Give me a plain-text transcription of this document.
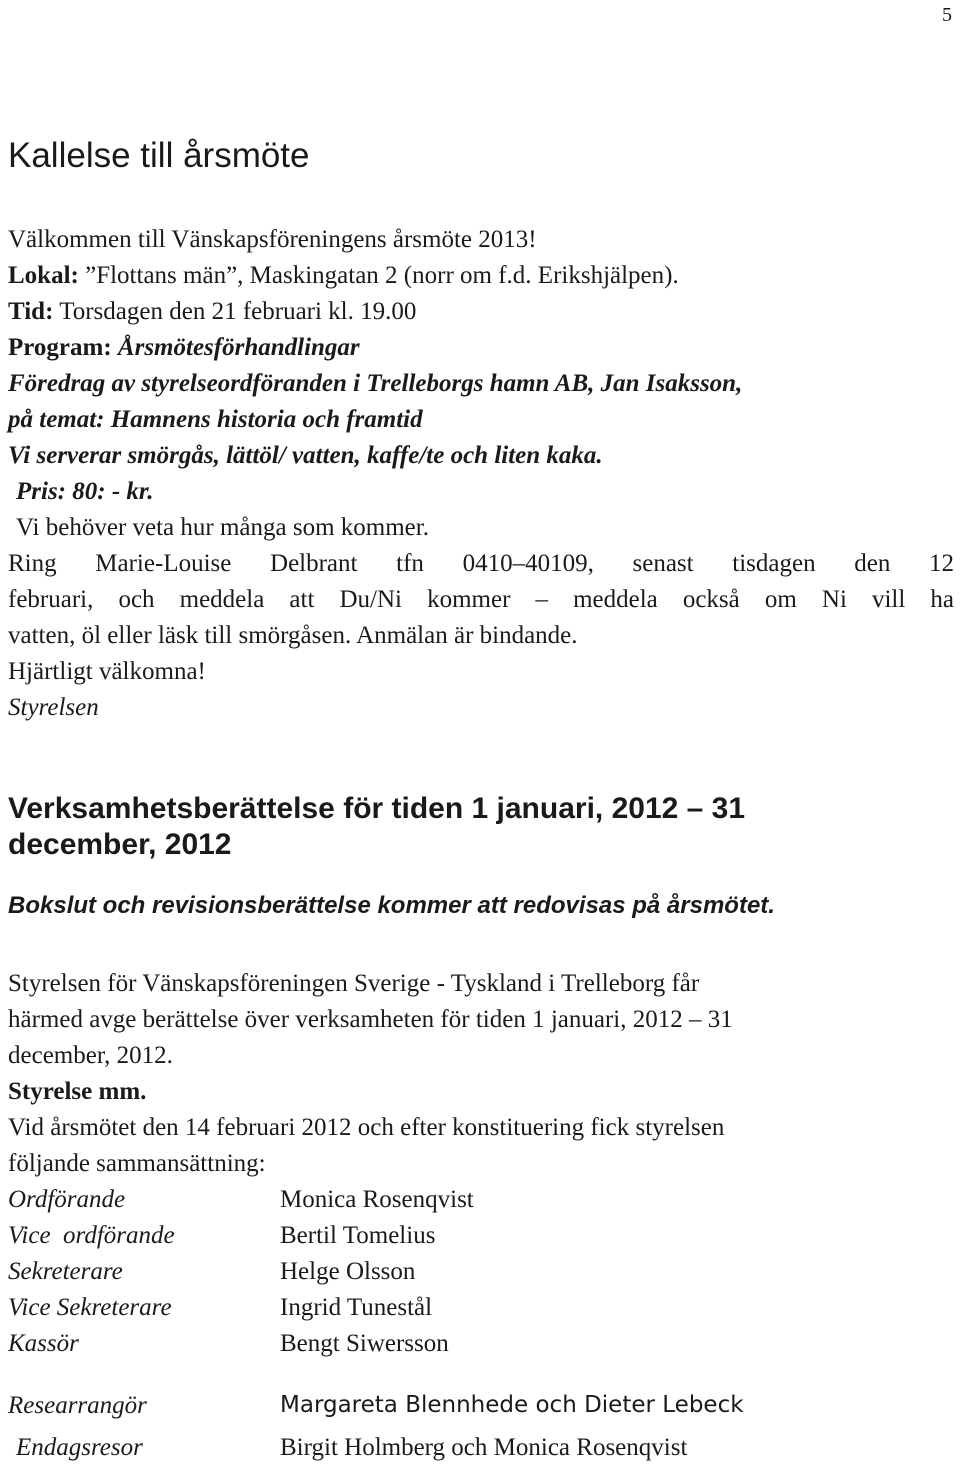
5
Kallelse till årsmöte
Välkommen till Vänskapsföreningens årsmöte 2013!
Lokal: ”Flottans män”, Maskingatan 2 (norr om f.d. Erikshjälpen).
Tid: Torsdagen den 21 februari kl. 19.00
Program: Årsmötesförhandlingar
Föredrag av styrelseordföranden i Trelleborgs hamn AB, Jan Isaksson,
på temat: Hamnens historia och framtid
Vi serverar smörgås, lättöl/ vatten, kaffe/te och liten kaka.
Pris: 80: - kr.
Vi behöver veta hur många som kommer.
Ring Marie-Louise Delbrant tfn 0410–40109, senast tisdagen den 12
februari, och meddela att Du/Ni kommer – meddela också om Ni vill ha
vatten, öl eller läsk till smörgåsen. Anmälan är bindande.
Hjärtligt välkomna!
Styrelsen
Verksamhetsberättelse för tiden 1 januari, 2012 – 31
december, 2012
Bokslut och revisionsberättelse kommer att redovisas på årsmötet.
Styrelsen för Vänskapsföreningen Sverige - Tyskland i Trelleborg får
härmed avge berättelse över verksamheten för tiden 1 januari, 2012 – 31
december, 2012.
Styrelse mm.
Vid årsmötet den 14 februari 2012 och efter konstituering fick styrelsen
följande sammansättning:
Ordförande	Monica Rosenqvist
Vice  ordförande	Bertil Tomelius
Sekreterare	Helge Olsson
Vice Sekreterare	Ingrid Tunestål
Kassör	Bengt Siwersson
Researrangör	Margareta Blennhede och Dieter Lebeck
Endagsresor	Birgit Holmberg och Monica Rosenqvist
